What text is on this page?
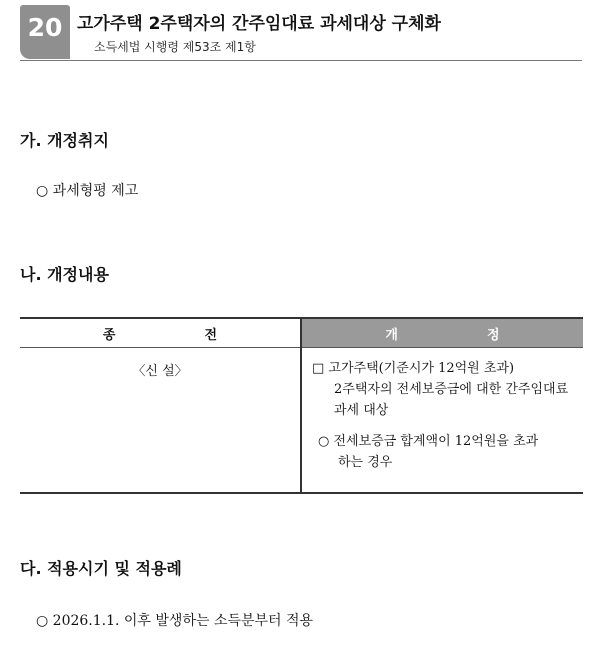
20 고가주택 2주택자의 간주임대료 과세대상 구체화
소득세법 시행령 제53조 제1항
가. 개정취지
○ 과세형평 제고
나. 개정내용
종 전	개 정

〈신 설〉	□ 고가주택(기준시가 12억원 초과)
2주택자의 전세보증금에 대한 간주임대료
과세 대상
○ 전세보증금 합계액이 12억원을 초과
하는 경우
다. 적용시기 및 적용례
○ 2026.1.1. 이후 발생하는 소득분부터 적용
